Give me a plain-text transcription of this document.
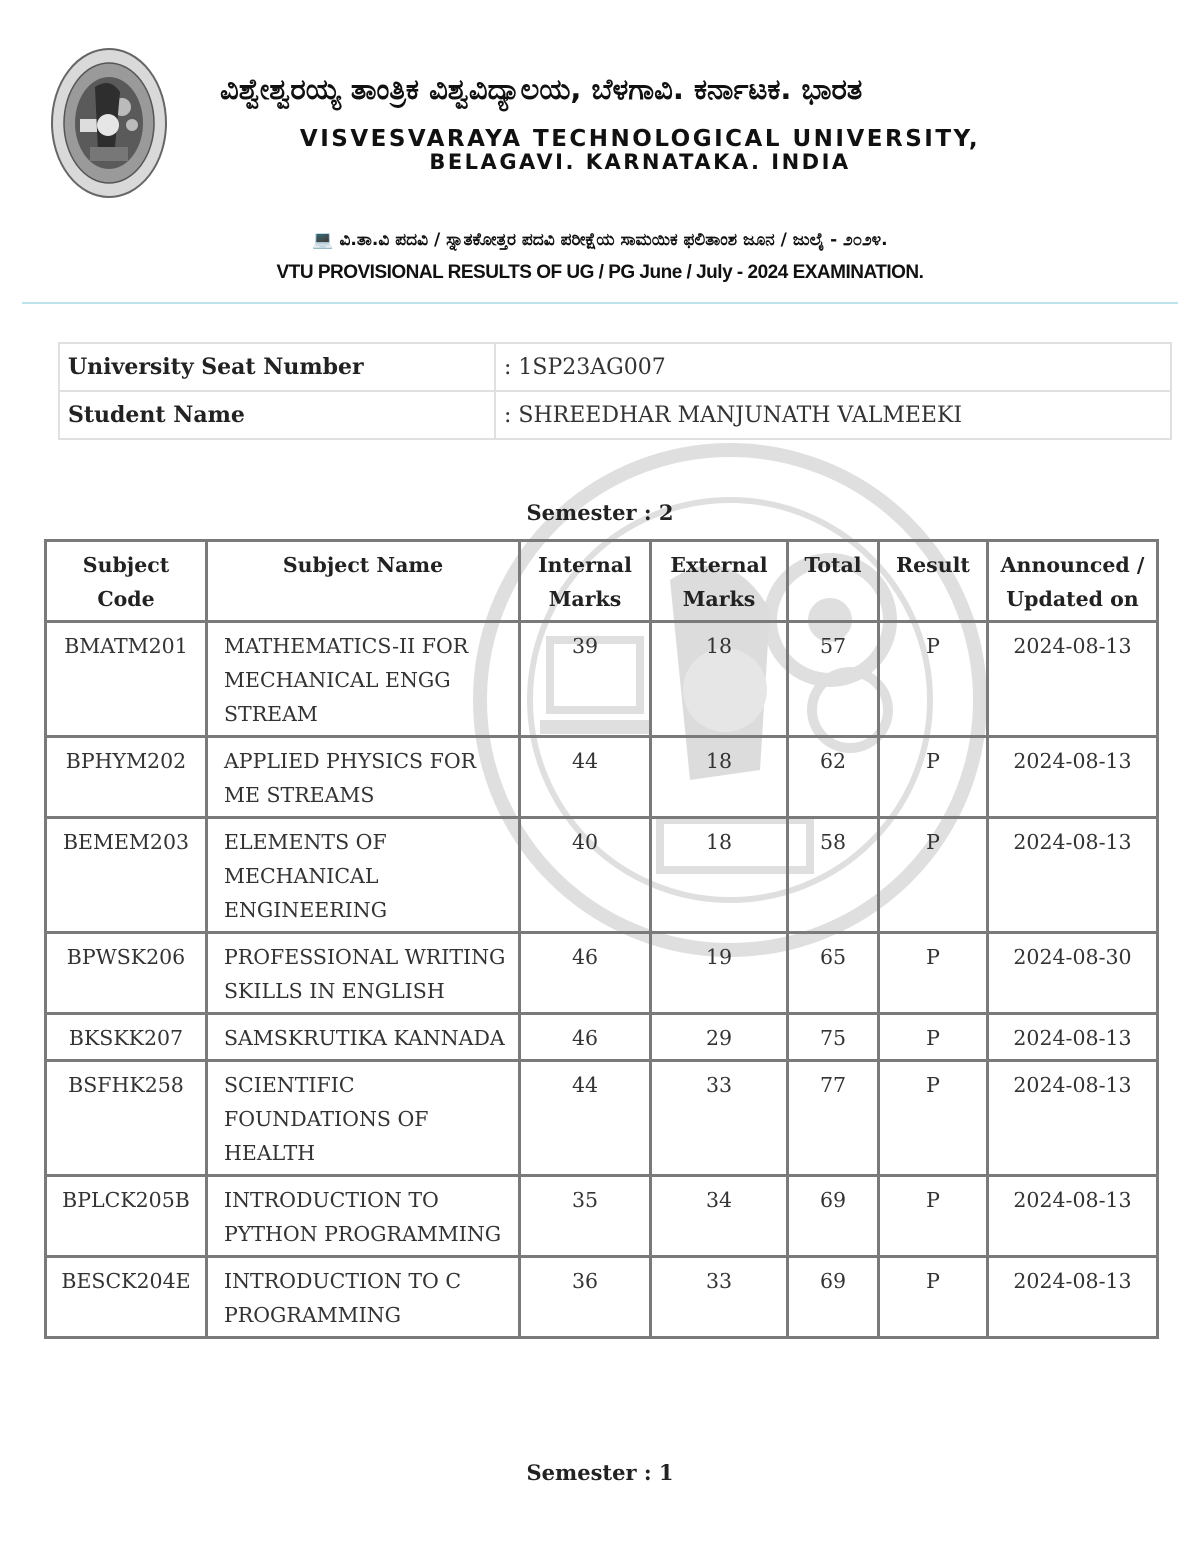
ವಿಶ್ವೇಶ್ವರಯ್ಯ ತಾಂತ್ರಿಕ ವಿಶ್ವವಿದ್ಯಾಲಯ, ಬೆಳಗಾವಿ. ಕರ್ನಾಟಕ. ಭಾರತ
VISVESVARAYA TECHNOLOGICAL UNIVERSITY,
BELAGAVI. KARNATAKA. INDIA
💻 ವಿ.ತಾ.ವಿ ಪದವಿ / ಸ್ನಾತಕೋತ್ತರ ಪದವಿ ಪರೀಕ್ಷೆಯ ಸಾಮಯಿಕ ಫಲಿತಾಂಶ ಜೂನ / ಜುಲೈ - ೨೦೨೪.
VTU PROVISIONAL RESULTS OF UG / PG June / July - 2024 EXAMINATION.
University Seat Number	: 1SP23AG007
Student Name	: SHREEDHAR MANJUNATH VALMEEKI
Semester : 2
Subject Code	Subject Name	Internal Marks	External Marks	Total	Result	Announced / Updated on
BMATM201	MATHEMATICS-II FOR MECHANICAL ENGG STREAM	39	18	57	P	2024-08-13
BPHYM202	APPLIED PHYSICS FOR ME STREAMS	44	18	62	P	2024-08-13
BEMEM203	ELEMENTS OF MECHANICAL ENGINEERING	40	18	58	P	2024-08-13
BPWSK206	PROFESSIONAL WRITING SKILLS IN ENGLISH	46	19	65	P	2024-08-30
BKSKK207	SAMSKRUTIKA KANNADA	46	29	75	P	2024-08-13
BSFHK258	SCIENTIFIC FOUNDATIONS OF HEALTH	44	33	77	P	2024-08-13
BPLCK205B	INTRODUCTION TO PYTHON PROGRAMMING	35	34	69	P	2024-08-13
BESCK204E	INTRODUCTION TO C PROGRAMMING	36	33	69	P	2024-08-13
Semester : 1
